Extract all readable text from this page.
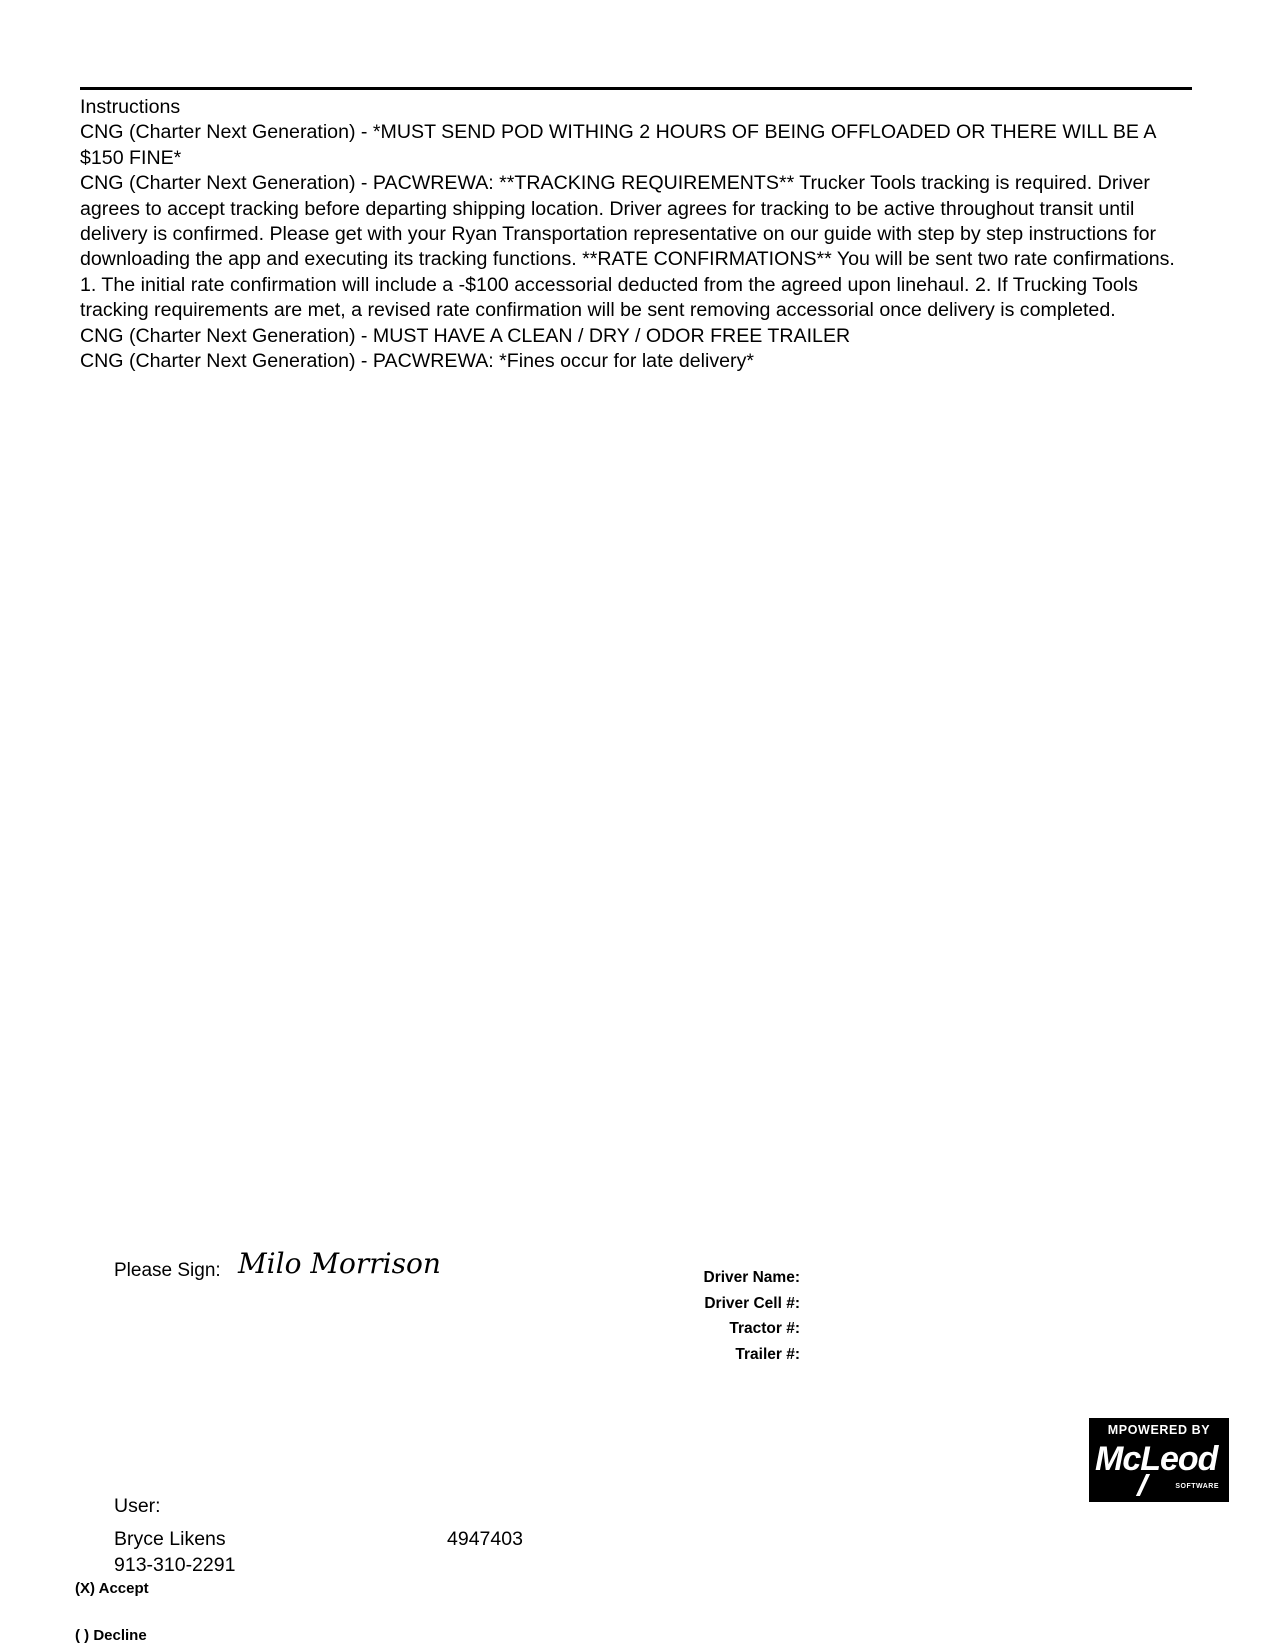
Instructions

CNG (Charter Next Generation) - *MUST SEND POD WITHING 2 HOURS OF BEING OFFLOADED OR THERE WILL BE A $150 FINE*

CNG (Charter Next Generation) - PACWREWA: **TRACKING REQUIREMENTS** Trucker Tools tracking is required. Driver agrees to accept tracking before departing shipping location. Driver agrees for tracking to be active throughout transit until delivery is confirmed. Please get with your Ryan Transportation representative on our guide with step by step instructions for downloading the app and executing its tracking functions. **RATE CONFIRMATIONS** You will be sent two rate confirmations. 1. The initial rate confirmation will include a -$100 accessorial deducted from the agreed upon linehaul. 2. If Trucking Tools tracking requirements are met, a revised rate confirmation will be sent removing accessorial once delivery is completed.

CNG (Charter Next Generation) - MUST HAVE A CLEAN / DRY / ODOR FREE TRAILER

CNG (Charter Next Generation) - PACWREWA: *Fines occur for late delivery*

Please Sign: Milo Morrison	Driver Name:
Driver Cell #:
Tractor #:
Trailer #:
MPOWERED BY
McLeod
SOFTWARE
User:
Bryce Likens
913-310-2291
4947403
(X) Accept
( ) Decline
